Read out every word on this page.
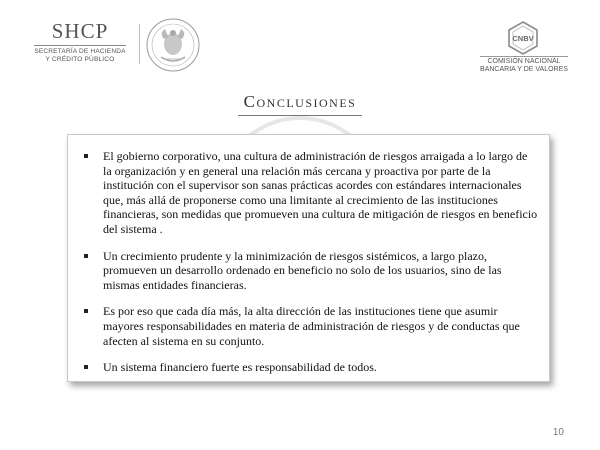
SHCP
SECRETARÍA DE HACIENDA
Y CRÉDITO PÚBLICO
CNBV
COMISIÓN NACIONAL
BANCARIA Y DE VALORES
Conclusiones
El gobierno corporativo, una cultura de administración de riesgos arraigada a lo largo de la organización y en general una relación más cercana y proactiva por parte de la institución con el supervisor son sanas prácticas acordes con estándares internacionales que, más allá de proponerse como una limitante al crecimiento de las instituciones financieras, son medidas que promueven una cultura de mitigación de riesgos en beneficio del sistema .
Un crecimiento prudente y la minimización de riesgos sistémicos, a largo plazo, promueven un desarrollo ordenado en beneficio no solo de los usuarios, sino de las mismas entidades financieras.
Es por eso que cada día más, la alta dirección de las instituciones tiene que asumir mayores responsabilidades en materia de administración de riesgos y de conductas que afecten al sistema en su conjunto.
Un sistema financiero fuerte es responsabilidad de todos.
10
